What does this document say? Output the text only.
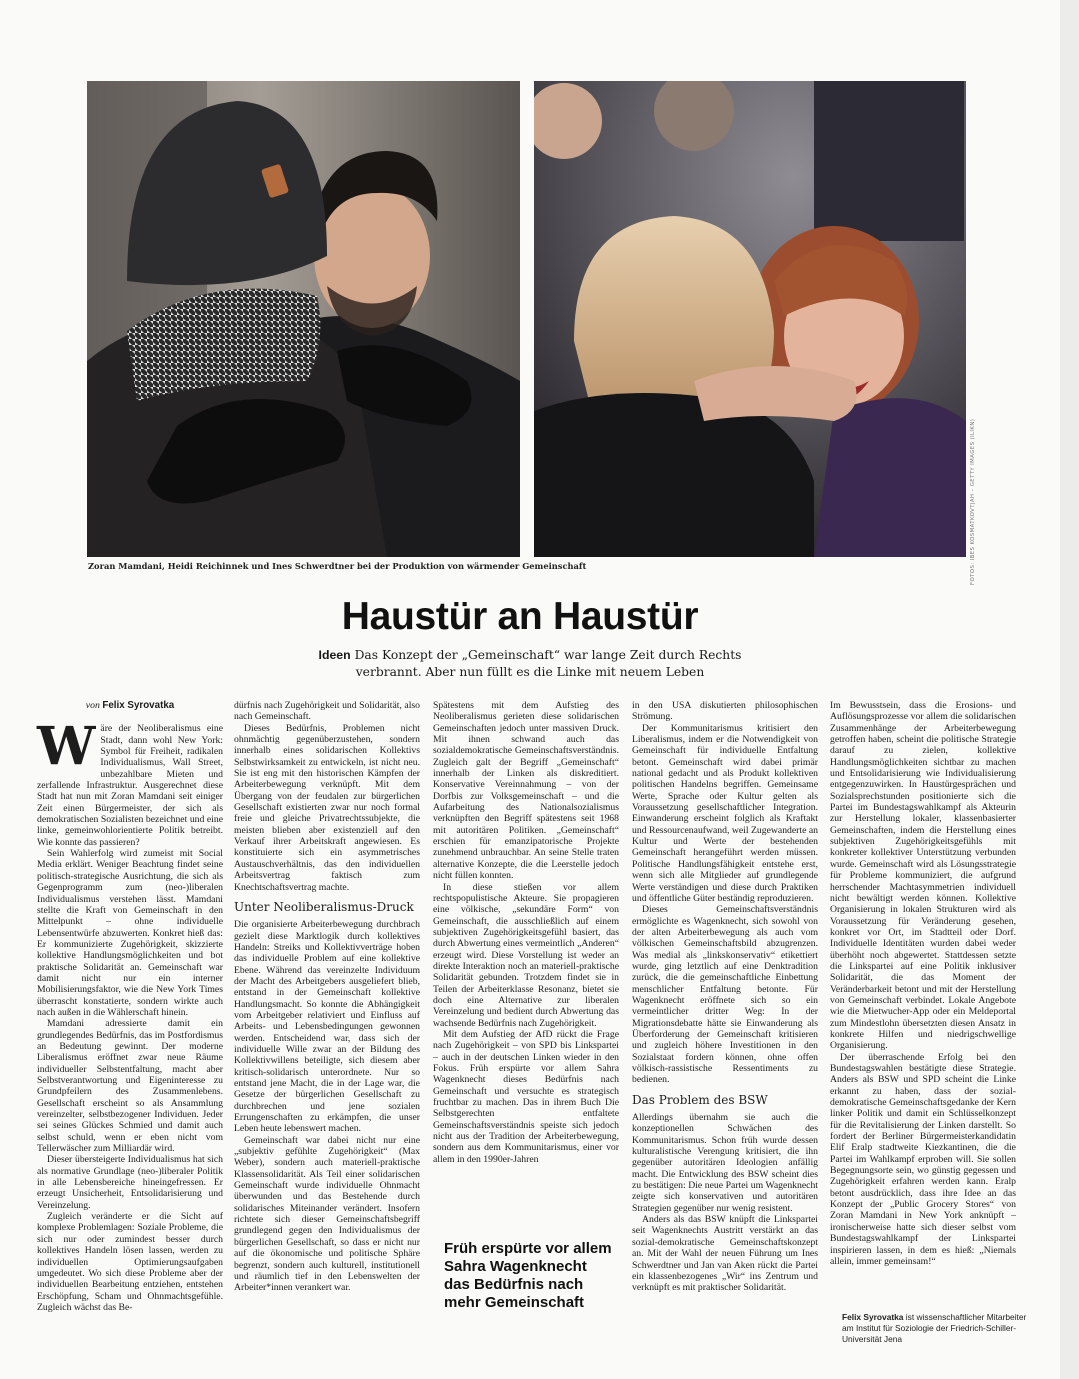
FOTOS: IBES KOSMATKOVTJAH – GETTY IMAGES (ILIKN)
Zoran Mamdani, Heidi Reichinnek und Ines Schwerdtner bei der Produktion von wärmender Gemeinschaft
Haustür an Haustür
Ideen Das Konzept der „Gemeinschaft“ war lange Zeit durch Rechts verbrannt. Aber nun füllt es die Linke mit neuem Leben
von Felix Syrovatka

Wäre der Neoliberalismus eine Stadt, dann wohl New York: Symbol für Freiheit, radikalen Individualismus, Wall Street, unbezahlbare Mieten und zerfallende Infrastruktur. Ausgerechnet diese Stadt hat nun mit Zoran Mamdani seit einiger Zeit einen Bürgermeister, der sich als demokratischen Sozialisten bezeichnet und eine linke, gemeinwohlorientierte Politik betreibt. Wie konnte das passieren?

Sein Wahlerfolg wird zumeist mit Social Media erklärt. Weniger Beachtung findet seine politisch-strategische Ausrichtung, die sich als Gegenprogramm zum (neo-)liberalen Individualismus verstehen lässt. Mamdani stellte die Kraft von Gemeinschaft in den Mittelpunkt – ohne individuelle Lebensentwürfe abzuwerten. Konkret hieß das: Er kommunizierte Zugehörigkeit, skizzierte kollektive Handlungsmöglichkeiten und bot praktische Solidarität an. Gemeinschaft war damit nicht nur ein interner Mobilisierungsfaktor, wie die New York Times überrascht konstatierte, sondern wirkte auch nach außen in die Wählerschaft hinein.

Mamdani adressierte damit ein grundlegendes Bedürfnis, das im Postfordismus an Bedeutung gewinnt. Der moderne Liberalismus eröffnet zwar neue Räume individueller Selbstentfaltung, macht aber Selbstverantwortung und Eigeninteresse zu Grundpfeilern des Zusammenlebens. Gesellschaft erscheint so als Ansammlung vereinzelter, selbstbezogener Individuen. Jeder sei seines Glückes Schmied und damit auch selbst schuld, wenn er eben nicht vom Tellerwäscher zum Milliardär wird.

Dieser übersteigerte Individualismus hat sich als normative Grundlage (neo-)liberaler Politik in alle Lebensbereiche hineingefressen. Er erzeugt Unsicherheit, Entsolidarisierung und Vereinzelung.

Zugleich veränderte er die Sicht auf komplexe Problemlagen: Soziale Probleme, die sich nur oder zumindest besser durch kollektives Handeln lösen lassen, werden zu individuellen Optimierungsaufgaben umgedeutet. Wo sich diese Probleme aber der individuellen Bearbeitung entziehen, entstehen Erschöpfung, Scham und Ohnmachtsgefühle. Zugleich wächst das Be-

dürfnis nach Zugehörigkeit und Solidarität, also nach Gemeinschaft.

Dieses Bedürfnis, Problemen nicht ohnmächtig gegenüberzustehen, sondern innerhalb eines solidarischen Kollektivs Selbstwirksamkeit zu entwickeln, ist nicht neu. Sie ist eng mit den historischen Kämpfen der Arbeiterbewegung verknüpft. Mit dem Übergang von der feudalen zur bürgerlichen Gesellschaft existierten zwar nur noch formal freie und gleiche Privatrechtssubjekte, die meisten blieben aber existenziell auf den Verkauf ihrer Arbeitskraft angewiesen. Es konstituierte sich ein asymmetrisches Austauschverhältnis, das den individuellen Arbeitsvertrag faktisch zum Knechtschaftsvertrag machte.

Unter Neoliberalismus-Druck

Die organisierte Arbeiterbewegung durchbrach gezielt diese Marktlogik durch kollektives Handeln: Streiks und Kollektivverträge hoben das individuelle Problem auf eine kollektive Ebene. Während das vereinzelte Individuum der Macht des Arbeitgebers ausgeliefert blieb, entstand in der Gemeinschaft kollektive Handlungsmacht. So konnte die Abhängigkeit vom Arbeitgeber relativiert und Einfluss auf Arbeits- und Lebensbedingungen gewonnen werden. Entscheidend war, dass sich der individuelle Wille zwar an der Bildung des Kollektivwillens beteiligte, sich diesem aber kritisch-solidarisch unterordnete. Nur so entstand jene Macht, die in der Lage war, die Gesetze der bürgerlichen Gesellschaft zu durchbrechen und jene sozialen Errungenschaften zu erkämpfen, die unser Leben heute lebenswert machen.

Gemeinschaft war dabei nicht nur eine „subjektiv gefühlte Zugehörigkeit“ (Max Weber), sondern auch materiell-praktische Klassensolidarität. Als Teil einer solidarischen Gemeinschaft wurde individuelle Ohnmacht überwunden und das Bestehende durch solidarisches Miteinander verändert. Insofern richtete sich dieser Gemeinschaftsbegriff grundlegend gegen den Individualismus der bürgerlichen Gesellschaft, so dass er nicht nur auf die ökonomische und politische Sphäre begrenzt, sondern auch kulturell, institutionell und räumlich tief in den Lebenswelten der Arbeiter*innen verankert war.

Spätestens mit dem Aufstieg des Neoliberalismus gerieten diese solidarischen Gemeinschaften jedoch unter massiven Druck. Mit ihnen schwand auch das sozialdemokratische Gemeinschaftsverständnis. Zugleich galt der Begriff „Gemeinschaft“ innerhalb der Linken als diskreditiert. Konservative Vereinnahmung – von der Dorfbis zur Volksgemeinschaft – und die Aufarbeitung des Nationalsozialismus verknüpften den Begriff spätestens seit 1968 mit autoritären Politiken. „Gemeinschaft“ erschien für emanzipatorische Projekte zunehmend unbrauchbar. An seine Stelle traten alternative Konzepte, die die Leerstelle jedoch nicht füllen konnten.

In diese stießen vor allem rechtspopulistische Akteure. Sie propagieren eine völkische, „sekundäre Form“ von Gemeinschaft, die ausschließlich auf einem subjektiven Zugehörigkeitsgefühl basiert, das durch Abwertung eines vermeintlich „Anderen“ erzeugt wird. Diese Vorstellung ist weder an direkte Interaktion noch an materiell-praktische Solidarität gebunden. Trotzdem findet sie in Teilen der Arbeiterklasse Resonanz, bietet sie doch eine Alternative zur liberalen Vereinzelung und bedient durch Abwertung das wachsende Bedürfnis nach Zugehörigkeit.

Mit dem Aufstieg der AfD rückt die Frage nach Zugehörigkeit – von SPD bis Linkspartei – auch in der deutschen Linken wieder in den Fokus. Früh erspürte vor allem Sahra Wagenknecht dieses Bedürfnis nach Gemeinschaft und versuchte es strategisch fruchtbar zu machen. Das in ihrem Buch Die Selbstgerechten entfaltete Gemeinschaftsverständnis speiste sich jedoch nicht aus der Tradition der Arbeiterbewegung, sondern aus dem Kommunitarismus, einer vor allem in den 1990er-Jahren

Früh erspürte vor allem Sahra Wagenknecht das Bedürfnis nach mehr Gemeinschaft

in den USA diskutierten philosophischen Strömung.

Der Kommunitarismus kritisiert den Liberalismus, indem er die Notwendigkeit von Gemeinschaft für individuelle Entfaltung betont. Gemeinschaft wird dabei primär national gedacht und als Produkt kollektiven politischen Handelns begriffen. Gemeinsame Werte, Sprache oder Kultur gelten als Voraussetzung gesellschaftlicher Integration. Einwanderung erscheint folglich als Kraftakt und Ressourcenaufwand, weil Zugewanderte an Kultur und Werte der bestehenden Gemeinschaft herangeführt werden müssen. Politische Handlungsfähigkeit entstehe erst, wenn sich alle Mitglieder auf grundlegende Werte verständigen und diese durch Praktiken und öffentliche Güter beständig reproduzieren.

Dieses Gemeinschaftsverständnis ermöglichte es Wagenknecht, sich sowohl von der alten Arbeiterbewegung als auch vom völkischen Gemeinschaftsbild abzugrenzen. Was medial als „linkskonservativ“ etikettiert wurde, ging letztlich auf eine Denktradition zurück, die die gemeinschaftliche Einbettung menschlicher Entfaltung betonte. Für Wagenknecht eröffnete sich so ein vermeintlicher dritter Weg: In der Migrationsdebatte hätte sie Einwanderung als Überforderung der Gemeinschaft kritisieren und zugleich höhere Investitionen in den Sozialstaat fordern können, ohne offen völkisch-rassistische Ressentiments zu bedienen.

Das Problem des BSW

Allerdings übernahm sie auch die konzeptionellen Schwächen des Kommunitarismus. Schon früh wurde dessen kulturalistische Verengung kritisiert, die ihn gegenüber autoritären Ideologien anfällig macht. Die Entwicklung des BSW scheint dies zu bestätigen: Die neue Partei um Wagenknecht zeigte sich konservativen und autoritären Strategien gegenüber nur wenig resistent.

Anders als das BSW knüpft die Linkspartei seit Wagenknechts Austritt verstärkt an das sozial-demokratische Gemeinschaftskonzept an. Mit der Wahl der neuen Führung um Ines Schwerdtner und Jan van Aken rückt die Partei ein klassenbezogenes „Wir“ ins Zentrum und verknüpft es mit praktischer Solidarität.

Im Bewusstsein, dass die Erosions- und Auflösungsprozesse vor allem die solidarischen Zusammenhänge der Arbeiterbewegung getroffen haben, scheint die politische Strategie darauf zu zielen, kollektive Handlungsmöglichkeiten sichtbar zu machen und Entsolidarisierung wie Individualisierung entgegenzuwirken. In Haustürgesprächen und Sozialsprechstunden positionierte sich die Partei im Bundestagswahlkampf als Akteurin zur Herstellung lokaler, klassenbasierter Gemeinschaften, indem die Herstellung eines subjektiven Zugehörigkeitsgefühls mit konkreter kollektiver Unterstützung verbunden wurde. Gemeinschaft wird als Lösungsstrategie für Probleme kommuniziert, die aufgrund herrschender Machtasymmetrien individuell nicht bewältigt werden können. Kollektive Organisierung in lokalen Strukturen wird als Voraussetzung für Veränderung gesehen, konkret vor Ort, im Stadtteil oder Dorf. Individuelle Identitäten wurden dabei weder überhöht noch abgewertet. Stattdessen setzte die Linkspartei auf eine Politik inklusiver Solidarität, die das Moment der Veränderbarkeit betont und mit der Herstellung von Gemeinschaft verbindet. Lokale Angebote wie die Mietwucher-App oder ein Meldeportal zum Mindestlohn übersetzten diesen Ansatz in konkrete Hilfen und niedrigschwellige Organisierung.

Der überraschende Erfolg bei den Bundestagswahlen bestätigte diese Strategie. Anders als BSW und SPD scheint die Linke erkannt zu haben, dass der sozial-demokratische Gemeinschaftsgedanke der Kern linker Politik und damit ein Schlüsselkonzept für die Revitalisierung der Linken darstellt. So fordert der Berliner Bürgermeisterkandidatin Elif Eralp stadtweite Kiezkantinen, die die Partei im Wahlkampf erproben will. Sie sollen Begegnungsorte sein, wo günstig gegessen und Zugehörigkeit erfahren werden kann. Eralp betont ausdrücklich, dass ihre Idee an das Konzept der „Public Grocery Stores“ von Zoran Mamdani in New York anknüpft – ironischerweise hatte sich dieser selbst vom Bundestagswahlkampf der Linkspartei inspirieren lassen, in dem es hieß: „Niemals allein, immer gemeinsam!“

Felix Syrovatka ist wissenschaftlicher Mitarbeiter am Institut für Soziologie der Friedrich-Schiller-Universität Jena
